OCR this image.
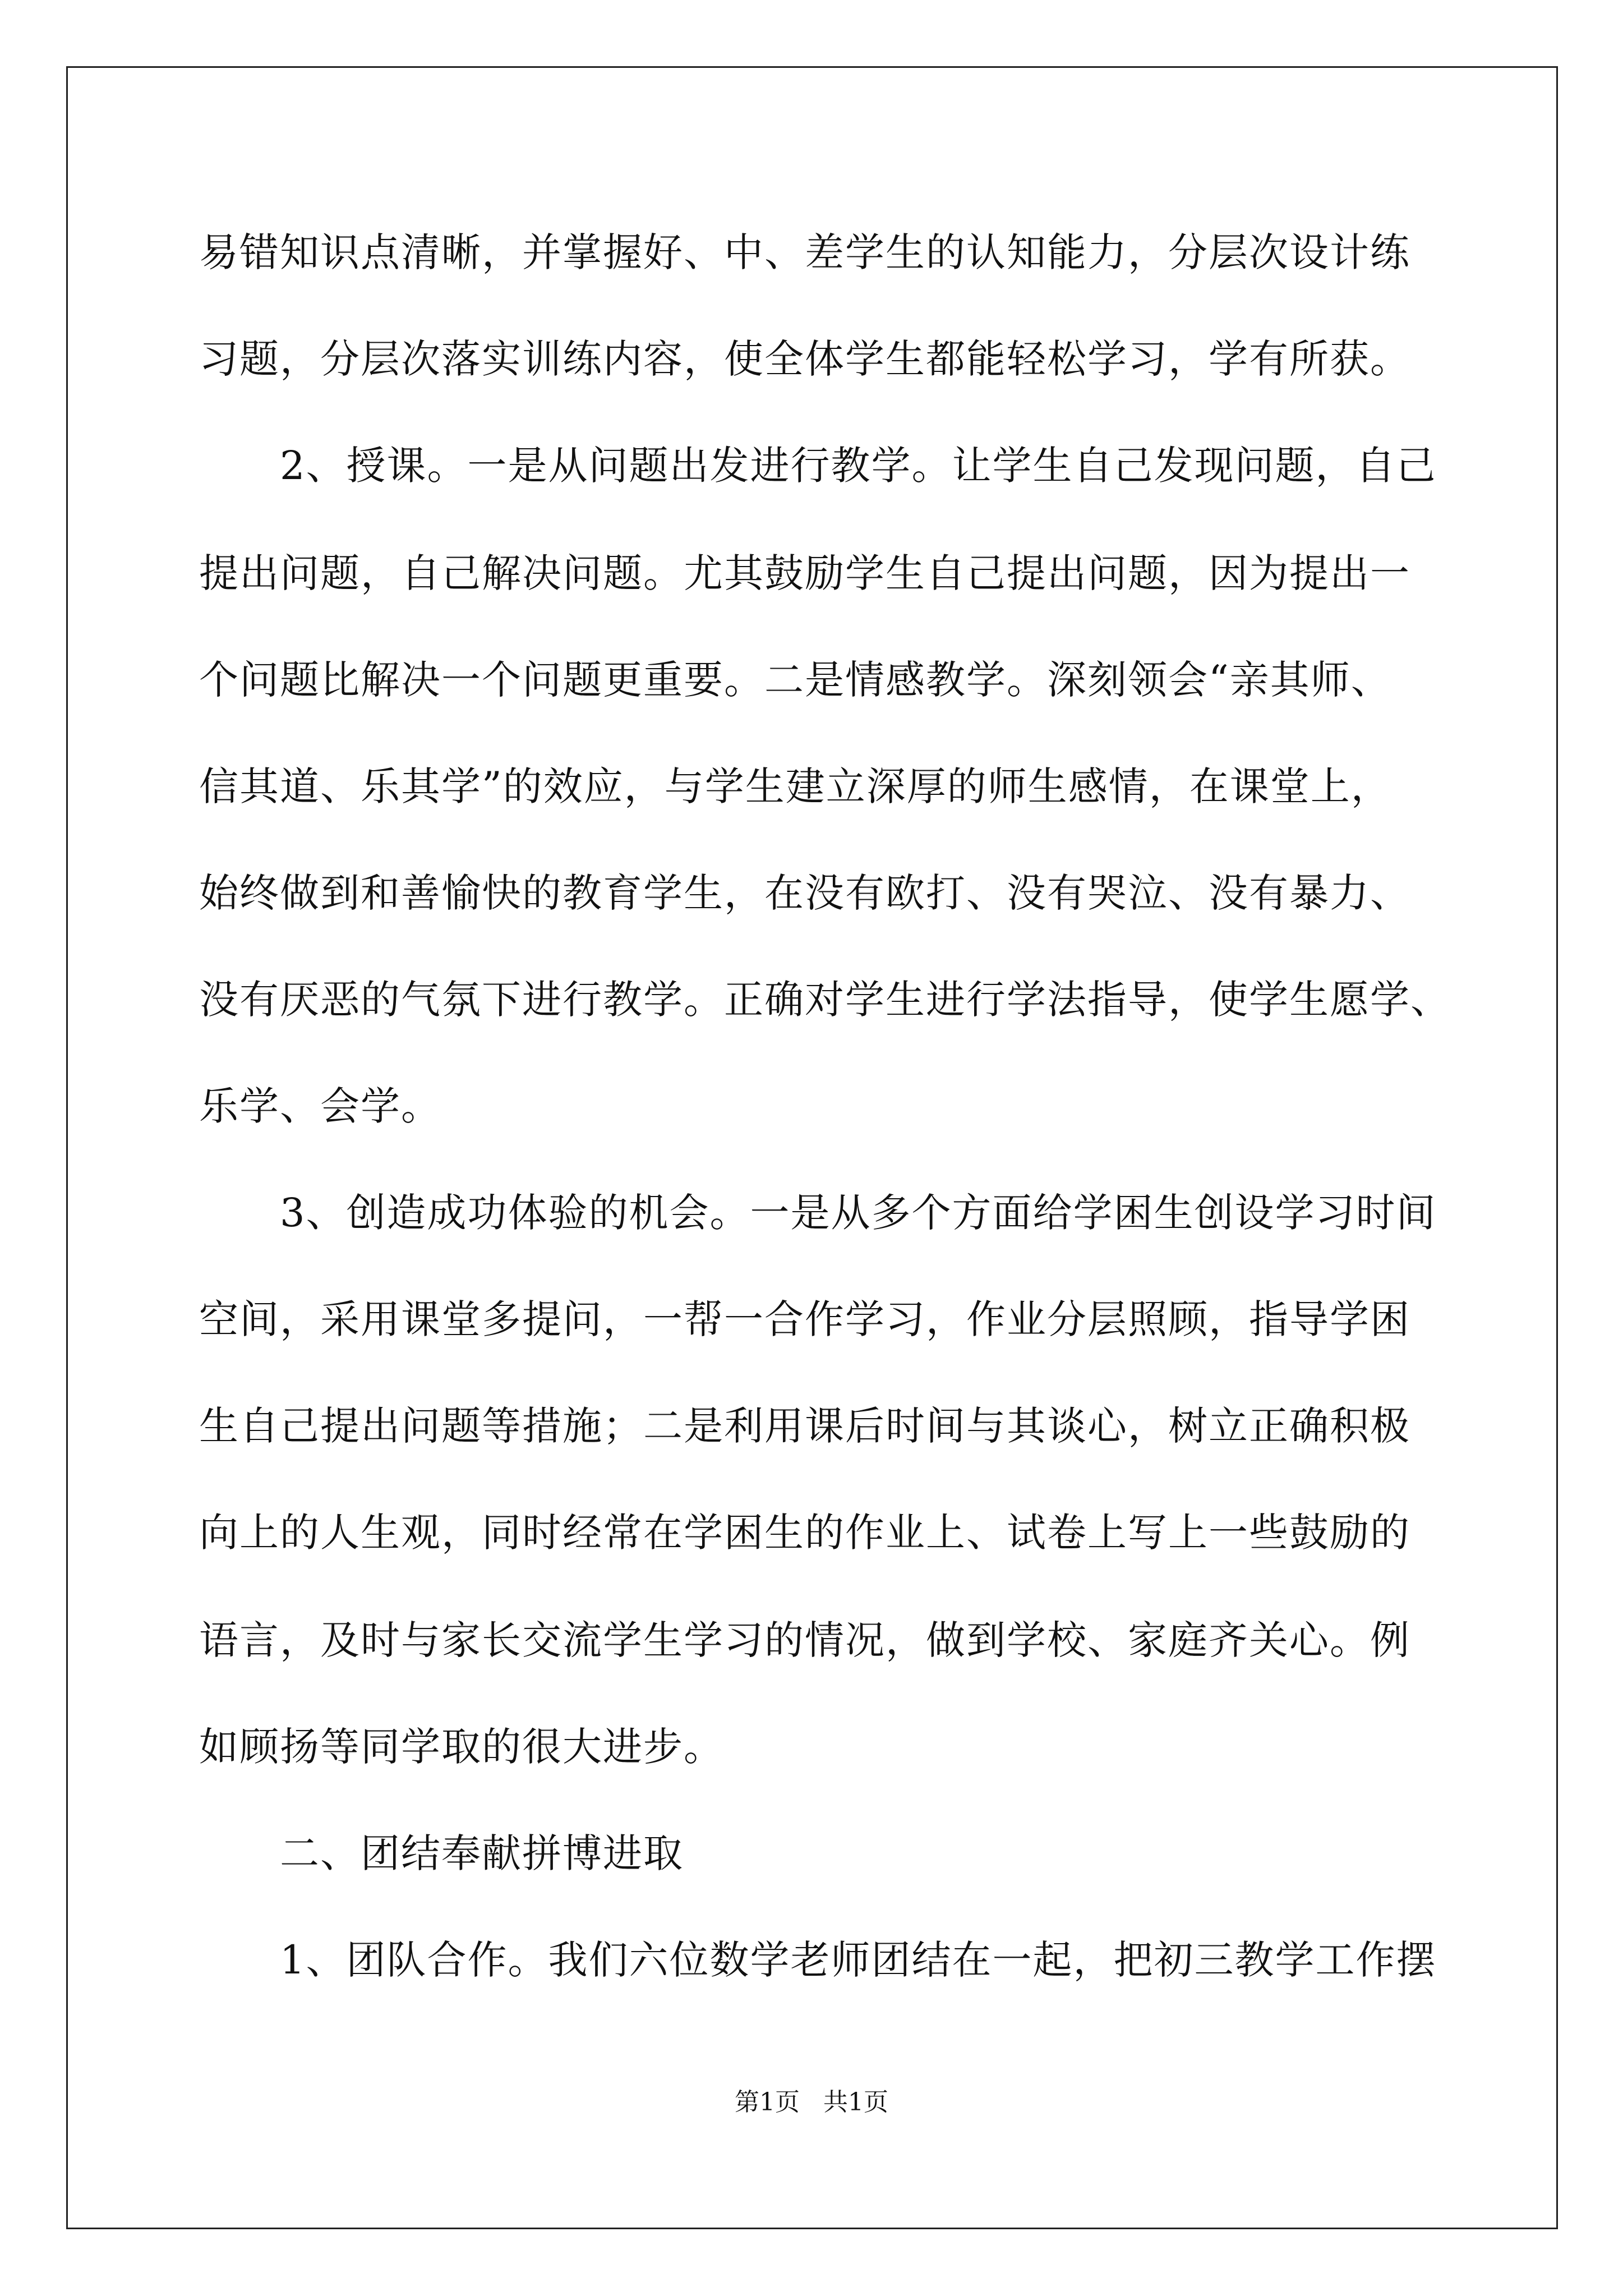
易错知识点清晰，并掌握好、中、差学生的认知能力，分层次设计练
习题，分层次落实训练内容，使全体学生都能轻松学习，学有所获。
　　2、授课。一是从问题出发进行教学。让学生自己发现问题，自己
提出问题，自己解决问题。尤其鼓励学生自己提出问题，因为提出一
个问题比解决一个问题更重要。二是情感教学。深刻领会“亲其师、
信其道、乐其学”的效应，与学生建立深厚的师生感情，在课堂上，
始终做到和善愉快的教育学生，在没有欧打、没有哭泣、没有暴力、
没有厌恶的气氛下进行教学。正确对学生进行学法指导，使学生愿学、
乐学、会学。
　　3、创造成功体验的机会。一是从多个方面给学困生创设学习时间
空间，采用课堂多提问，一帮一合作学习，作业分层照顾，指导学困
生自己提出问题等措施；二是利用课后时间与其谈心，树立正确积极
向上的人生观，同时经常在学困生的作业上、试卷上写上一些鼓励的
语言，及时与家长交流学生学习的情况，做到学校、家庭齐关心。例
如顾扬等同学取的很大进步。
　　二、团结奉献拼博进取
　　1、团队合作。我们六位数学老师团结在一起，把初三教学工作摆
第1页   共1页
